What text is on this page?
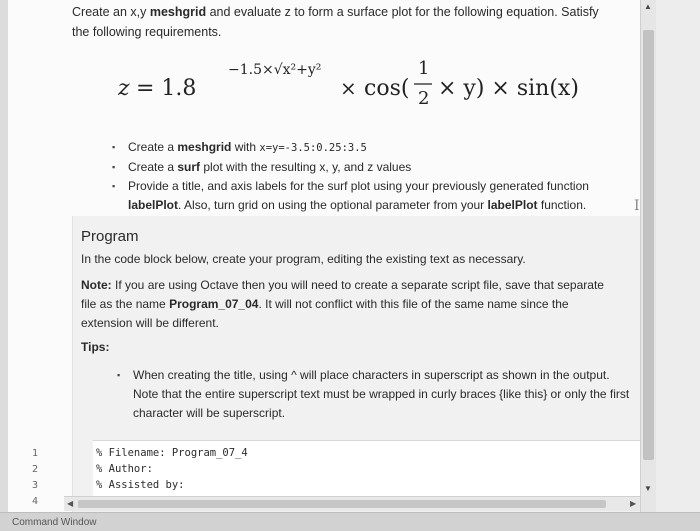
Create an x,y meshgrid and evaluate z to form a surface plot for the following equation. Satisfy
the following requirements.
z = 1.8
−1.5×√x²+y²
× cos(
1
2 × y) × sin(x)
▪ Create a meshgrid with x=y=-3.5:0.25:3.5
▪ Create a surf plot with the resulting x, y, and z values
▪ Provide a title, and axis labels for the surf plot using your previously generated function labelPlot. Also, turn grid on using the optional parameter from your labelPlot function.
Program
In the code block below, create your program, editing the existing text as necessary.
Note: If you are using Octave then you will need to create a separate script file, save that separate file as the name Program_07_04. It will not conflict with this file of the same name since the extension will be different.
Tips:
▪ When creating the title, using ^ will place characters in superscript as shown in the output. Note that the entire superscript text must be wrapped in curly braces {like this} or only the first character will be superscript.
% Filename: Program_07_4
% Author:
% Assisted by:
1
2
3
4	◀	▶
I
▲
▼
Command Window
